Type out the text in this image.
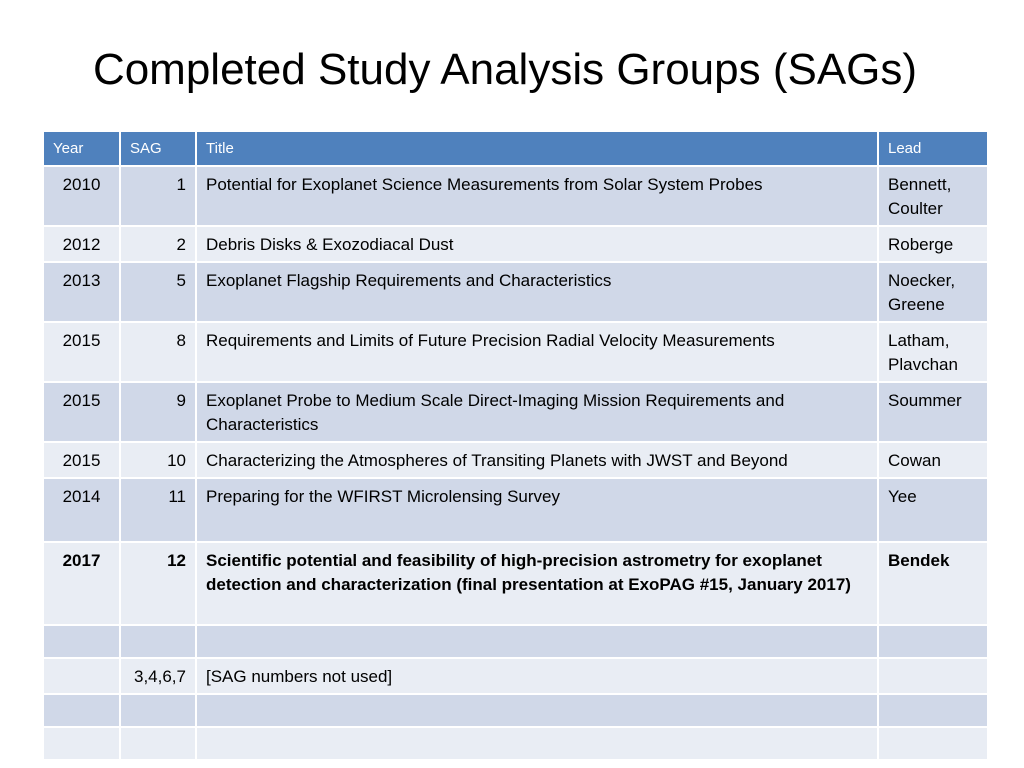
Completed Study Analysis Groups (SAGs)
Year	SAG	Title	Lead
2010	1	Potential for Exoplanet Science Measurements from Solar System Probes	Bennett, Coulter
2012	2	Debris Disks & Exozodiacal Dust	Roberge
2013	5	Exoplanet Flagship Requirements and Characteristics	Noecker, Greene
2015	8	Requirements and Limits of Future Precision Radial Velocity Measurements	Latham, Plavchan
2015	9	Exoplanet Probe to Medium Scale Direct-Imaging Mission Requirements and Characteristics	Soummer
2015	10	Characterizing the Atmospheres of Transiting Planets with JWST and Beyond	Cowan
2014	11	Preparing for the WFIRST Microlensing Survey	Yee
2017	12	Scientific potential and feasibility of high-precision astrometry for exoplanet detection and characterization (final presentation at ExoPAG #15, January 2017)	Bendek

	3,4,6,7	[SAG numbers not used]	
